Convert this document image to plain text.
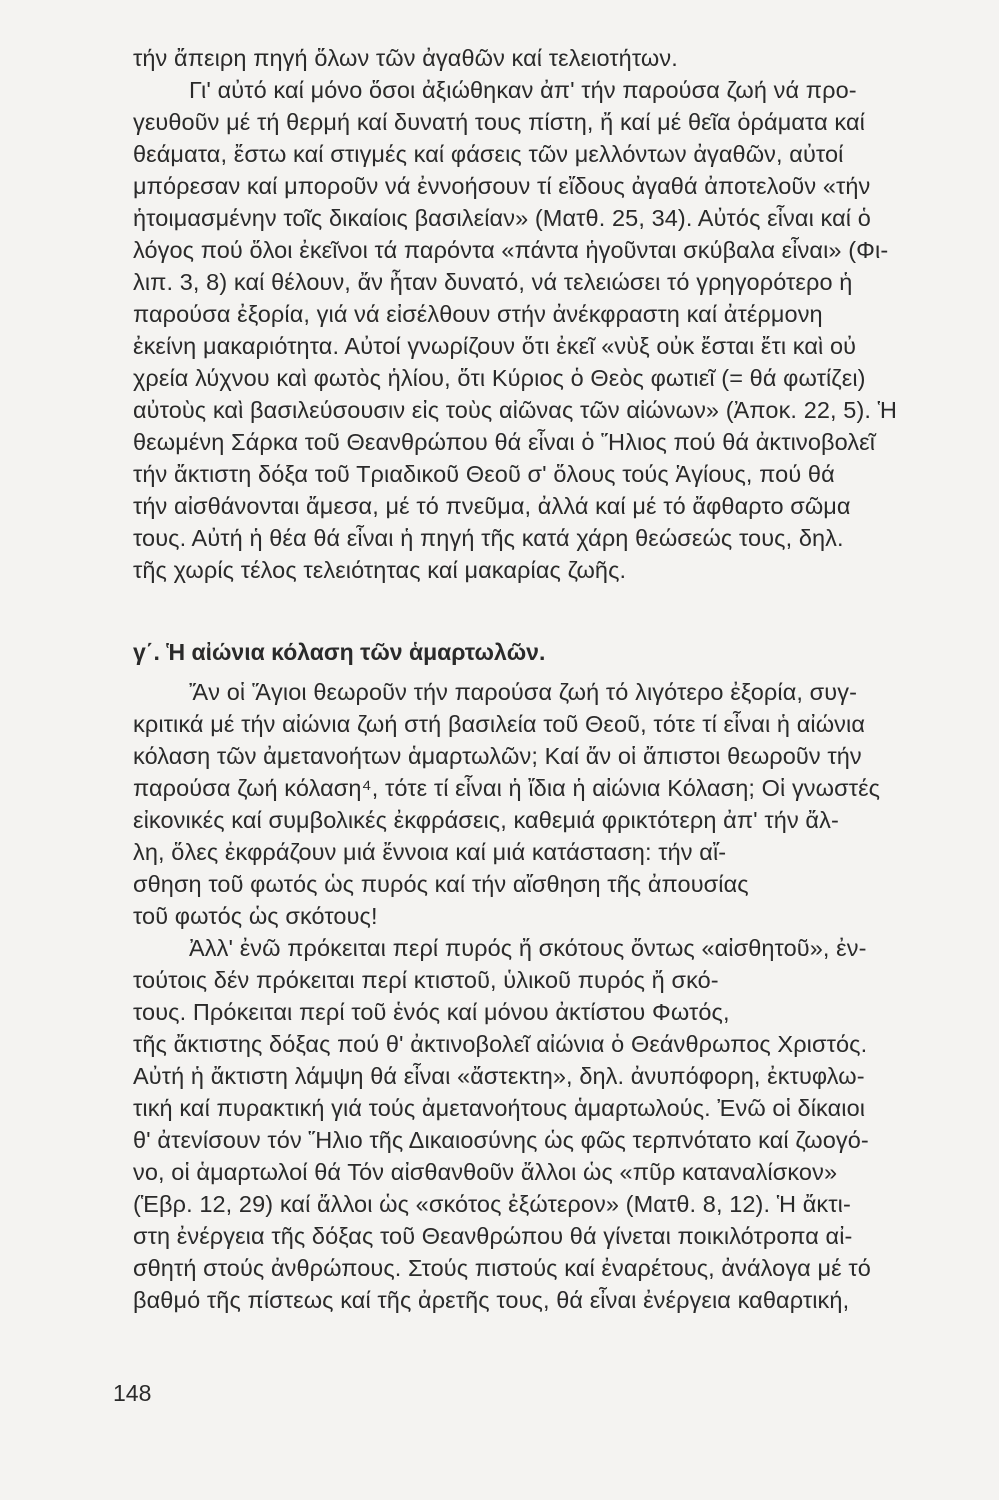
τήν ἄπειρη πηγή ὅλων τῶν ἀγαθῶν καί τελειοτήτων.
Γι' αὐτό καί μόνο ὅσοι ἀξιώθηκαν ἀπ' τήν παρούσα ζωή νά προ-
γευθοῦν μέ τή θερμή καί δυνατή τους πίστη, ἤ καί μέ θεῖα ὁράματα καί
θεάματα, ἔστω καί στιγμές καί φάσεις τῶν μελλόντων ἀγαθῶν, αὐτοί
μπόρεσαν καί μποροῦν νά ἐννοήσουν τί εἴδους ἀγαθά ἀποτελοῦν «τήν
ἡτοιμασμένην τοῖς δικαίοις βασιλείαν» (Ματθ. 25, 34). Αὐτός εἶναι καί ὁ
λόγος πού ὅλοι ἐκεῖνοι τά παρόντα «πάντα ἡγοῦνται σκύβαλα εἶναι» (Φι-
λιπ. 3, 8) καί θέλουν, ἄν ἦταν δυνατό, νά τελειώσει τό γρηγορότερο ἡ
παρούσα ἐξορία, γιά νά εἰσέλθουν στήν ἀνέκφραστη καί ἀτέρμονη
ἐκείνη μακαριότητα. Αὐτοί γνωρίζουν ὅτι ἐκεῖ «νὺξ οὐκ ἔσται ἔτι καὶ οὐ
χρεία λύχνου καὶ φωτὸς ἡλίου, ὅτι Κύριος ὁ Θεὸς φωτιεῖ (= θά φωτίζει)
αὐτοὺς καὶ βασιλεύσουσιν εἰς τοὺς αἰῶνας τῶν αἰώνων» (Ἀποκ. 22, 5). Ἡ
θεωμένη Σάρκα τοῦ Θεανθρώπου θά εἶναι ὁ Ἥλιος πού θά ἀκτινοβολεῖ
τήν ἄκτιστη δόξα τοῦ Τριαδικοῦ Θεοῦ σ' ὅλους τούς Ἁγίους, πού θά
τήν αἰσθάνονται ἄμεσα, μέ τό πνεῦμα, ἀλλά καί μέ τό ἄφθαρτο σῶμα
τους. Αὐτή ἡ θέα θά εἶναι ἡ πηγή τῆς κατά χάρη θεώσεώς τους, δηλ.
τῆς χωρίς τέλος τελειότητας καί μακαρίας ζωῆς.
γ΄. Ἡ αἰώνια κόλαση τῶν ἁμαρτωλῶν.
Ἄν οἱ Ἅγιοι θεωροῦν τήν παρούσα ζωή τό λιγότερο ἐξορία, συγ-
κριτικά μέ τήν αἰώνια ζωή στή βασιλεία τοῦ Θεοῦ, τότε τί εἶναι ἡ αἰώνια
κόλαση τῶν ἀμετανοήτων ἁμαρτωλῶν; Καί ἄν οἱ ἄπιστοι θεωροῦν τήν
παρούσα ζωή κόλαση⁴, τότε τί εἶναι ἡ ἴδια ἡ αἰώνια Κόλαση; Οἱ γνωστές
εἰκονικές καί συμβολικές ἐκφράσεις, καθεμιά φρικτότερη ἀπ' τήν ἄλ-
λη, ὅλες ἐκφράζουν μιά ἔννοια καί μιά κατάσταση: τήν αἴ-
σθηση τοῦ φωτός ὡς πυρός καί τήν αἴσθηση τῆς ἀπουσίας
τοῦ φωτός ὡς σκότους!
Ἀλλ' ἐνῶ πρόκειται περί πυρός ἤ σκότους ὄντως «αἰσθητοῦ», ἐν-
τούτοις δέν πρόκειται περί κτιστοῦ, ὑλικοῦ πυρός ἤ σκό-
τους. Πρόκειται περί τοῦ ἑνός καί μόνου ἀκτίστου Φωτός,
τῆς ἄκτιστης δόξας πού θ' ἀκτινοβολεῖ αἰώνια ὁ Θεάνθρωπος Χριστός.
Αὐτή ἡ ἄκτιστη λάμψη θά εἶναι «ἄστεκτη», δηλ. ἀνυπόφορη, ἐκτυφλω-
τική καί πυρακτική γιά τούς ἀμετανοήτους ἁμαρτωλούς. Ἐνῶ οἱ δίκαιοι
θ' ἀτενίσουν τόν Ἥλιο τῆς Δικαιοσύνης ὡς φῶς τερπνότατο καί ζωογό-
νο, οἱ ἁμαρτωλοί θά Τόν αἰσθανθοῦν ἄλλοι ὡς «πῦρ καταναλίσκον»
(Ἑβρ. 12, 29) καί ἄλλοι ὡς «σκότος ἐξώτερον» (Ματθ. 8, 12). Ἡ ἄκτι-
στη ἐνέργεια τῆς δόξας τοῦ Θεανθρώπου θά γίνεται ποικιλότροπα αἰ-
σθητή στούς ἀνθρώπους. Στούς πιστούς καί ἐναρέτους, ἀνάλογα μέ τό
βαθμό τῆς πίστεως καί τῆς ἀρετῆς τους, θά εἶναι ἐνέργεια καθαρτική,
148
